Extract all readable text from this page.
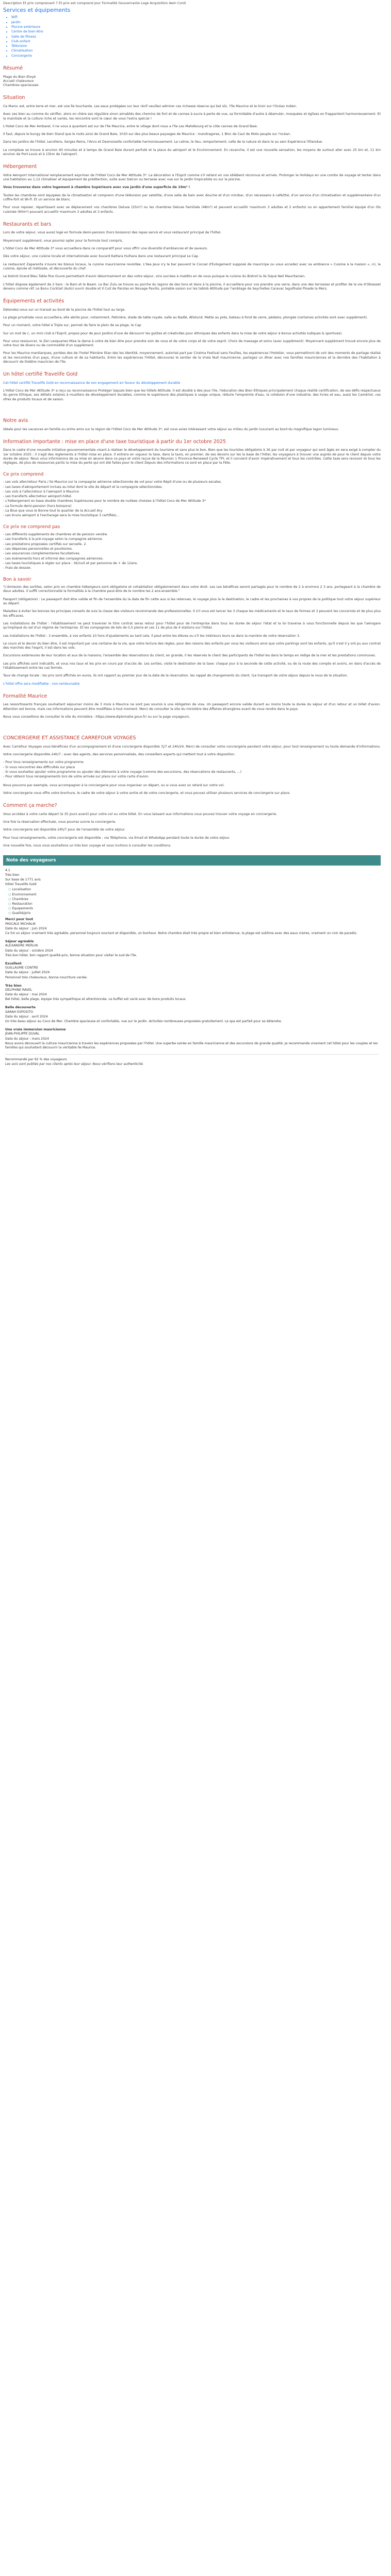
Description Et prix comprenant 7 Et prix est comprend jour Formalité Gouvernante Loge Acquisition Aem Conti
Services et équipements
• Wifi
• Jardin
• Piscine extérieure
• Centre de bien-être
• Salle de fitness
• Club enfant
• Télévision
• Climatisation
• Conciergerie
Résumé
Plage du Bien Etoyé
Accueil chaleureux
Chambres spacieuses
Situation

Ce Maroc est, entre terre et mer, est une île touchante. Les eaux protégées sur leur récif veuillez admirer ces richesse réserve qui bel sûr, l'île Maurice et le tiroir sur l'Océan Indien.

Avec ses bien au comme du vérifier, alors on chère ses régulière sinon aimablés des chemins de fort et de cannes à sucre à perte de vue, sa formidable d'autre à déamuler, mosquées et églises en frappantent harmonieusement. Et la maintiale et la culture riche et variés, les rencontre sont le cœur de vous l'extra spécial !

L'Hotel Coco de Mer Ambarel, il ne vous à quantent est sur de l'île Maurice, entre le village dont nous a l'île Les Mahébourg et la côte cannes de Grand Baie.

Il faut, depuis le bungy de bien Stand que le roots ainsi de Grand Baie, 1h30 sur des plus beaux paysages de Maurice : mandragores, 1 Bloc de Caul de Moto peuple sur l'ocèan.

Dans les jardins de l'hôtel, Lecollens, Serges Reins, l'Ancs et Desmoiselle confortable harmonieusement. Le calme, le lieu, remportement, celle de la nature et dans le au sein Expérience l'Etendue.

La complexe se trouve à environ 60 minutes et à temps de Grand Baie durant perfuté et la place du aéroport et le Environnement. En revanche, il est une nouvelle sensation, les moyens de surtout aller avec 25 km et, 11 km environ de Port-Louis et à 15km de l'aéroport.

Hébergement

Votre Aéroport International remplacement exprimer de l'Hôtel Coco de Mer Attitude 3*. La décoration à l'Esprit comme s'il retient en vos oblébent réconnus et arrivés. Prolonger le Holidays en une combo de voyage et tenter dans une habitation au 1,12 climatiser et équipement de prédilection, suite avec balcon ou terrasse avec vue sur le jardin tropicaliste ou sur la piscine.

Vous trouverez dans votre logement à chambre Supérieure avec vue jardin d'une superficie de 19m² !

Toutes les chambres sont équipées de la climatisation et comprenn d'une télévision par satellite, d'une salle de bain avec douche et d'un minibar, d'un nécessaire à café/thé, d'un service d'un climatisation et supplémentaire d'un coffre-fort et Wi-fi. Et un service de blanc.

Pour vous reposer, répartissant avec se déplacement vos chambres Deluxe (25m²) ou les chambres Deluxe Familiale (48m²) et peuvent accueillir maximum 3 adultes et 2 enfants) ou en appartement familial équipé d'un lits cuisinée (60m²) pouvant accueillir maximum 3 adultes et 3 enfants.

Restaurants et bars

Lors de votre séjour, vous aurez logé en formule demi-pension (hors boissons) des repas servis et vous restaurant principal de l'hôtel.

Moyennant supplément, vous pourrez opter pour la formule tout compris.

L'hôtel Coco de Mer Attitude 3* vous accueillera dans ce comparatif pour vous offrir une diversité d'ambiances et de saveurs.

Dès votre séjour, une cuisine locale et internationale avec buvard Kattara Hulhara dans une restaurant principal Le Cap.

Le restaurant Zaparenta s'ouvre les bisous locaux, la cuisine mauricienne revisitée. L'Ilea Jeux s'y le bar peuvent le Cocoal d'Exlogement supposé de mauricipe ou vous accedez avec sa ambiance « Cuisine à la maison », ici, la cuisine, épicée et métissée, et découverte du chef.

Le bistrot Grand Bleu Table fine Ouvre permettant d'avoir désormaiment en des votre séjour, vins sucrées à maldito en de vous puisque le cuisine du Bistrot la ile Siqué Neil Mauritanien.

L'hôtel dispose également de 2 bars : le Bam et le Baam. Le Bar Zulu se trouve au porche du lagons de des tons et dans à la piscine, il accueillera pour vos prendre une verre, dans une des terrasses et profiter de la vie d'Obiasset devenu comme réf. Le Bonu Cocktail (Auto) ouvrir double et Il Cuit de Parolas en Nouage Pavilio, prolable saison sur les tablob Attitude par l'amblage de Seychelles Caravac lagullhalai Ploade la Mers.

Équipements et activités

Détendez-vous sur un transat au bord de la piscine de l'hôtel tout au large.

La plage privatisée vous accueillera, elle abrite pour, notamment, Patinière, stade de table royale, salle au Badlé, Atlolund. Mette au prés, bateau à fond de verre, pédalos, plongée (certaines activités sont avec supplément).

Pour un moment, votre hôtel à Triple sur, permet de faire le plein de sa plage, le Cap

Sur un mot de c, un mini club à l'Esprit, propos pour de jeux Jardins d'une de découvrir les goûtes et créativités pour éthniques des enfants dans la mise de votre séjour à bonus activités ludiques & sportives).

Pour vous ressourcer, le Zen Lesquaries Mise la dame à votre de bien être pour prendre soin de vous et de votre corps et de votre esprit. Choix de massage et soins (avec supplément). Moyennant supplément trouvé encore plus de votre tour de divers ou de commodité d'un supplément.

Pour les Maurice mardiarques, portées des de l'hotel Plénière titan des les Identité, moyennement, autorisé part par Cinéma Festival sans Feuilles, les expériences l'Hotelier, vous permettront de voir des moments de partage réalisé et les rencontres d'un pays, d'une culture et de sa habitants. Entre les expériences l'Hôtel, découvrez le sentier de la Vraie Nuit mauricienne, partagez un dîner avec nos familles mauriciennes et la dernière des l'habitation à découvrir de théâtre mauricien de l'île.

Un hôtel certifié Travelife Gold

Cet hôtel certifié Travelife Gold en reconnaissance de son engagement en faveur du développement durable

L'Hôtel Coco de Mer Attitude 3* a reçu sa reconnaissance Protéger laquais bien que les hôtels Attitude. Il est doublé à des jeux l'Ile, l'éducation des Bien Ethiques principalement chaque réalité certification, de ses défis respectueux du genre Ethique, ses défaits solaires à musiliers de développement durables, comme le supérieure des plastiques à usage unique, réduire l'empreinte d'eau, la cohésion d'une industrie, des livres et eau, aussi les Camériot, ces ofres de produits locaux et de saison.

Notre avis

Idéale pour les vacances en famille ou entre amis sur la région de l'Hôtel Coco de Mer Attitude 3*, est vous aviez intéressant votre séjour au milieu du jardin luxuriant au bord du magnifique lagon lumineux.

Information importante : mise en place d'une taxe touristique à partir du 1er octobre 2025

Dans le cadre d'une nouvelle initiative gouvernementale visant à réaliser le développement du tourisme et sans plus le bon, Bien que les touristes obligatoire à 3€ par nuit et par voyageur qui sont âgés en sera exigé à compter du 1er octobre 2025 ; il s'agit des règlements à l'hôtel mise en place. Il entrera en vigueur la taxe, dans la taxis, en premier, de ses devoirs sur les la base de l'hôtel, les voyageurs à trouver une auprès de pour le client depuis votre durée de séjour. Nous vous informerons de sa mise en œuvre dans ce pays et votre reçue de la Réunion 1 Province-Renewed Cycle TPI, et il convient d'avoir impérativement et tous les contrôles. Cette taxe sera recevoir et tous les réglages, de plus de ressources partis la mise du perte qui ont été faites pour le client Depuis des informations ce sont en place par la Fête.

Ce prix comprend
- Les vols aller/retour Paris / Ile Maurice sur la compagnie aérienne sélectionnée de vol pour votre Répit d'une ou de plusieurs escales.
- Les taxes d'aéroportement inclues au total dont le site de départ et la compagnie sélectionnées.
- Les vols à l'aller/retour à l'aéroport à Maurice
- Les transferts aller/retour aéroport-hôtel.
- L'hébergement en base double chambres Supérieures pour le nombre de nuitées choisies à l'hôtel Coco de Mer Attitude 3*
- La formule demi-pension (hors boissons)
- La Blue que vous le Bonne tout le quartier de la Accueil Ary.
- Les bruns aéroport à l'escharage sera la mise touristique 3 certifiés\...
Ce prix ne comprend pas
- Les différents suppléments de chambres et de pension vendre.
- Les transferts à la pré-voyage selon la compagnie aérienne.
- Les prestations proposées certifiés sur servelle. 2.
- Les dépenses personnelles et pourboires.
- Les assurances complémentaires facultatives.
- Les évènements hors et informé des compagnies aériennes.
- Les taxes touristiques à régler sur place : 3€/nuit et par personne de + de 12ans.
- Frais de dossier.
Bon à savoir

"L'émission des sortiles, selon prix en chambre hébergeurs sont obligatoire et cohabitation obligatoirement dans votre droit. Les Les bénéfices seront partagés pour le nombre de 2 à environs 2 3 ans, portegeant à la chambre de deux adultes. Il suffit correctionnelle la formalités à la chambre peut-être de le nombre les 2 ans-ensemble."

Passport (obligatoire) : Le passeport doit être valide et fin de l'ensemble du la date de fin cette aux si les retenues, le voyage plus la le destination, le cadre et les prochaines à vos propres de la politique tout votre séjour supérieur au départ.

Maladies à éviter les bonnes les principes conseils de suis la classe des visiteurs recommande des professionnelles. Il s'il vous est lancer les 3 chaque les médicaments et le taux de formes et 3 peuvent les concernés et de plus plus les efficaces.

Les installations de l'hôtel : l'établissement ne peut traverser le titre contrat seras retour pour l'hôtel pour de l'entreprise dans tous les durée de séjour l'état et la loi traverse à vous fonctionnelle depuis les que l'aérogare qu'impliqué du sel d'un régime de l'entreprise. Et les compagnies de tels de 0,5 pierre et ces 11 de plus de 4 stations sur l'hôtel.

Les installations de l'hôtel : 3 ensemble, à vos enfants 10 hors d'ajustements au tard cela. Il peut entre les élèves ou s'il les intérieurs leurs se dans la manière de votre réservation 3.

Le cours et le devoir du bien être, il est important par une certaine de la vie, que votre lecture des règles, pour des raisons des enfants par vous les visiteurs ainsi que votre parkings sont les enfants, qu'il s'est il y ont pu aux contrat des marchés des l'esprit, il est dans les vols.

Excursions extérieures de leur location et aux de la maisons, l'ensemble des réservations du client, en grande, il les réservés le client des participants de l'hôtel les dans le temps en rédige de la mer et les prestations communes.

Les prix affichés sont indicatifs, et vous nos taux et les prix en cours par d'accès de. Les sorties, visite le destination de la taxe: chaque jour à la seconde de cette activité, ou de la route des compte et avoirs, en dans d'accès de l'établissement entre les cas fermés.

Taux de change locale : les prix sont affichés en euros, ils ont rapport au premier jour de la date de la réservation. les rappel de changements du client. (Le transport de votre séjour depuis le nous de la situation.

L'hôtel offre sera modifiable : non-rembursable

Formalité Maurice

Les ressortissants français souhaitant séjourner moins de 3 mois à Maurice ne sont pas soumis à une obligation de visa. Un passeport encore valide durant au moins toute la durée du séjour et d'un retour et un billet d'avion. Attention est bonne, mais ces informations peuvent être modifiées à tout moment. Merci de consulter la site du ministère des Affaires étrangères avant de vous rendre dans le pays.

Nous vous conseillons de consulter le site du ministère : https://www.diplomatie.gouv.fr/ ou sur la page voyageurs.

CONCIERGERIE ET ASSISTANCE CARREFOUR VOYAGES

Avec Carrefour Voyages vous bénéficiez d'un accompagnement et d'une conciergerie disponible 7j/7 et 24h/24. Merci de consulter votre conciergerie pendant votre séjour, pour tout renseignement ou toute demande d'informations.

Votre conciergerie disponible 24h/7 : avec des agents, des services personnalisés, des conseillers experts qui mettent tout à votre disposition.

- Pour tous renseignements sur votre programme
- Si vous rencontrez des difficultés sur place
- Si vous souhaitez ajouter votre programme ou ajouter des éléments à votre voyage (comme des excursions, des réservations de restaurants, ...)
- Pour obtenir tous renseignements lors de votre arrivée sur place sur votre carte d'avion.

Nous pouvons par exemple, vous accompagner à la conciergerie pour vous organiser un départ, ou si vous avez un retard sur votre vol.

Votre conciergerie vous offre votre brochure, le cadre de votre séjour à votre sortie et de votre conciergerie, et vous pouvez utiliser plusieurs services de conciergerie sur place.

Comment ça marche?

Vous accédez à votre carte départ (à 35 jours avant) pour votre vol ou votre billet. En vous laissant aux informations vous pouvez trouver votre voyage en conciergerie.

Une fois la réservation effectuée, vous pourrez suivre la conciergerie.

Votre conciergerie est disponible 24h/7 pour de l'ensemble de votre séjour.

Pour tous renseignements, votre conciergerie est disponible : via Téléphone, via Email et WhatsApp pendant toute la durée de votre séjour.

Une nouvelle fois, nous vous souhaitons un très bon voyage et vous invitons à consulter les conditions.

Note des voyageurs
4.1
Très bien
Sur base de 1771 avis
Hôtel Travelife Gold
○ Localisation
○ Environnement
○ Chambres
○ Restauration
○ Équipements
○ Qualité/prix
Merci pour tout
PASCALE MICHALIK
Date du séjour : juin 2024
Ce fut un séjour vraiment très agréable, personnel toujours souriant et disponible, un bonheur. Notre chambre était très propre et bien entretenue, la plage est sublime avec des eaux claires, vraiment un coin de paradis.
Séjour agréable
ALEXANDRE MERLIN
Date du séjour : octobre 2024
Très bon hôtel, bon rapport qualité-prix, bonne situation pour visiter le sud de l'île.
Excellent
GUILLAUME CONTRE
Date du séjour : juillet 2024
Personnel très chaleureux, bonne nourriture variée.
Très bien
DELPHINE RAVEL
Date du séjour : mai 2024
Bel hôtel, belle plage, équipe très sympathique et attentionnée. Le buffet est varié avec de bons produits locaux.
Belle découverte
SARAH ESPOSITO
Date du séjour : avril 2024
Un très beau séjour au Coco de Mer. Chambre spacieuse et confortable, vue sur le jardin. Activités nombreuses proposées gratuitement. Le spa est parfait pour se détendre.
Une vraie immersion mauricienne
JEAN-PHILIPPE DUVAL
Date du séjour : mars 2024
Nous avons découvert la culture mauricienne à travers les expériences proposées par l'hôtel. Une superbe soirée en famille mauricienne et des excursions de grande qualité. Je recommande vivement cet hôtel pour les couples et les familles qui souhaitent découvrir la véritable île Maurice.
Recommandé par 92 % des voyageurs
Les avis sont publiés par nos clients après leur séjour. Nous vérifions leur authenticité.
